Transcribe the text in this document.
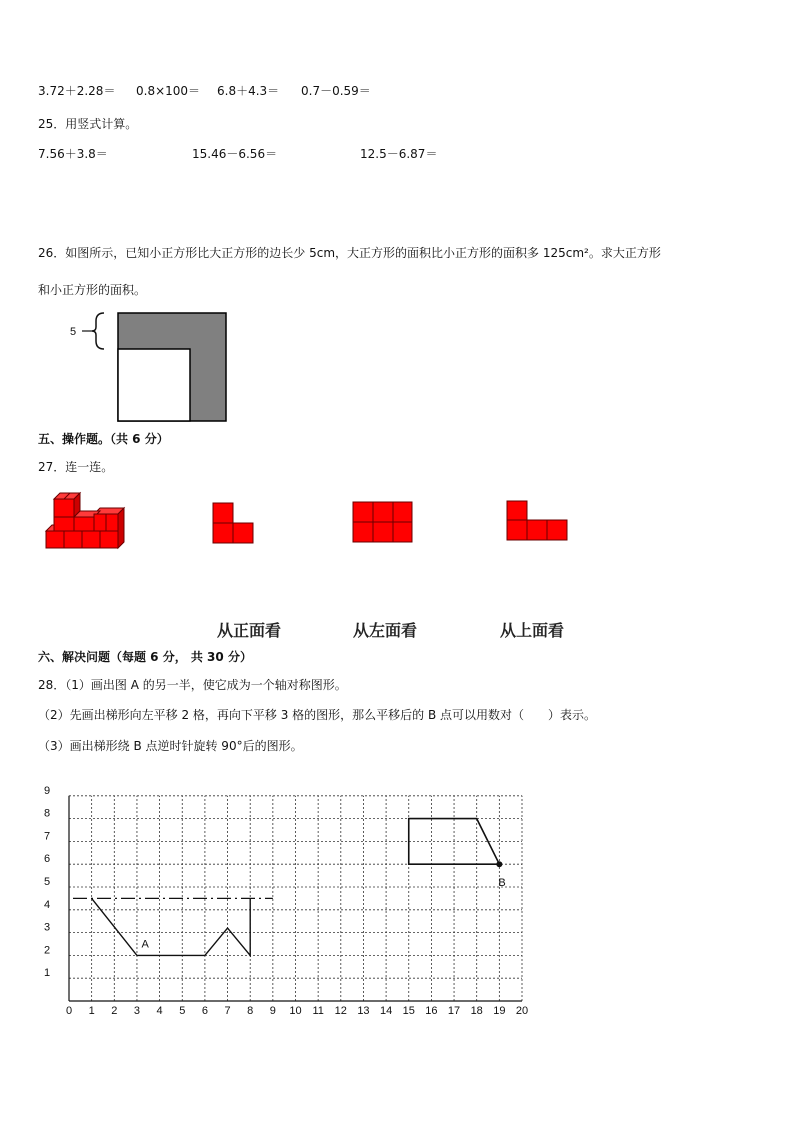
3.72＋2.28＝ 0.8×100＝ 6.8＋4.3＝ 0.7－0.59＝
25．用竖式计算。
7.56＋3.8＝	15.46－6.56＝	12.5－6.87＝
26．如图所示，已知小正方形比大正方形的边长少 5cm，大正方形的面积比小正方形的面积多 125cm²。求大正方形
和小正方形的面积。
5
五、操作题。（共 6 分）
27．连一连。
从正面看	从左面看	从上面看
六、解决问题（每题 6 分， 共 30 分）
28．（1）画出图 A 的另一半，使它成为一个轴对称图形。
（2）先画出梯形向左平移 2 格，再向下平移 3 格的图形，那么平移后的 B 点可以用数对（　　）表示。
（3）画出梯形绕 B 点逆时针旋转 90°后的图形。
0 1 2 3 4 5 6 7 8 9 10 11 12 13 14 15 16 17 18 19 20
1
2
3
4
5
6
7
8
9
A
B
